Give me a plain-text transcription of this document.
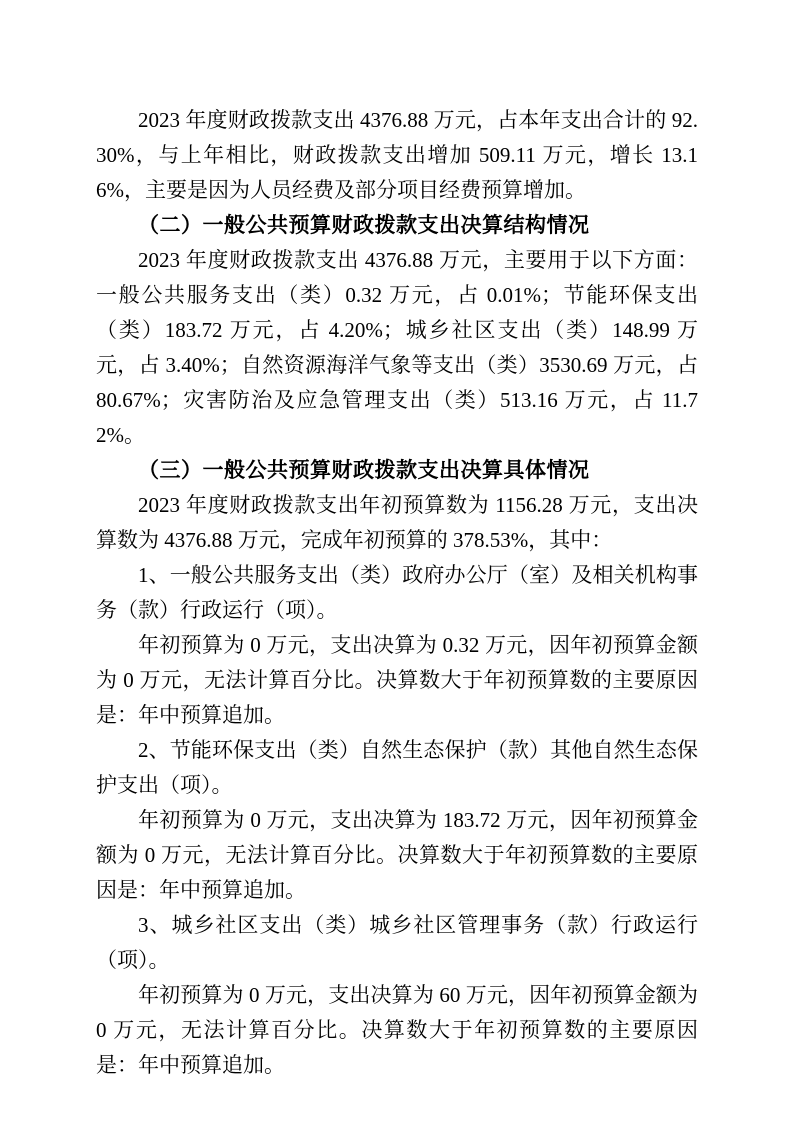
2023 年度财政拨款支出 4376.88 万元，占本年支出合计的 92.30%，与上年相比，财政拨款支出增加 509.11 万元，增长 13.16%，主要是因为人员经费及部分项目经费预算增加。

（二）一般公共预算财政拨款支出决算结构情况

2023 年度财政拨款支出 4376.88 万元，主要用于以下方面：一般公共服务支出（类）0.32 万元，占 0.01%；节能环保支出（类）183.72 万元，占 4.20%；城乡社区支出（类）148.99 万元，占 3.40%；自然资源海洋气象等支出（类）3530.69 万元，占 80.67%；灾害防治及应急管理支出（类）513.16 万元，占 11.72%。

（三）一般公共预算财政拨款支出决算具体情况

2023 年度财政拨款支出年初预算数为 1156.28 万元，支出决算数为 4376.88 万元，完成年初预算的 378.53%，其中：

1、一般公共服务支出（类）政府办公厅（室）及相关机构事务（款）行政运行（项）。

年初预算为 0 万元，支出决算为 0.32 万元，因年初预算金额为 0 万元，无法计算百分比。决算数大于年初预算数的主要原因是：年中预算追加。

2、节能环保支出（类）自然生态保护（款）其他自然生态保护支出（项）。

年初预算为 0 万元，支出决算为 183.72 万元，因年初预算金额为 0 万元，无法计算百分比。决算数大于年初预算数的主要原因是：年中预算追加。

3、城乡社区支出（类）城乡社区管理事务（款）行政运行（项）。

年初预算为 0 万元，支出决算为 60 万元，因年初预算金额为 0 万元，无法计算百分比。决算数大于年初预算数的主要原因是：年中预算追加。
